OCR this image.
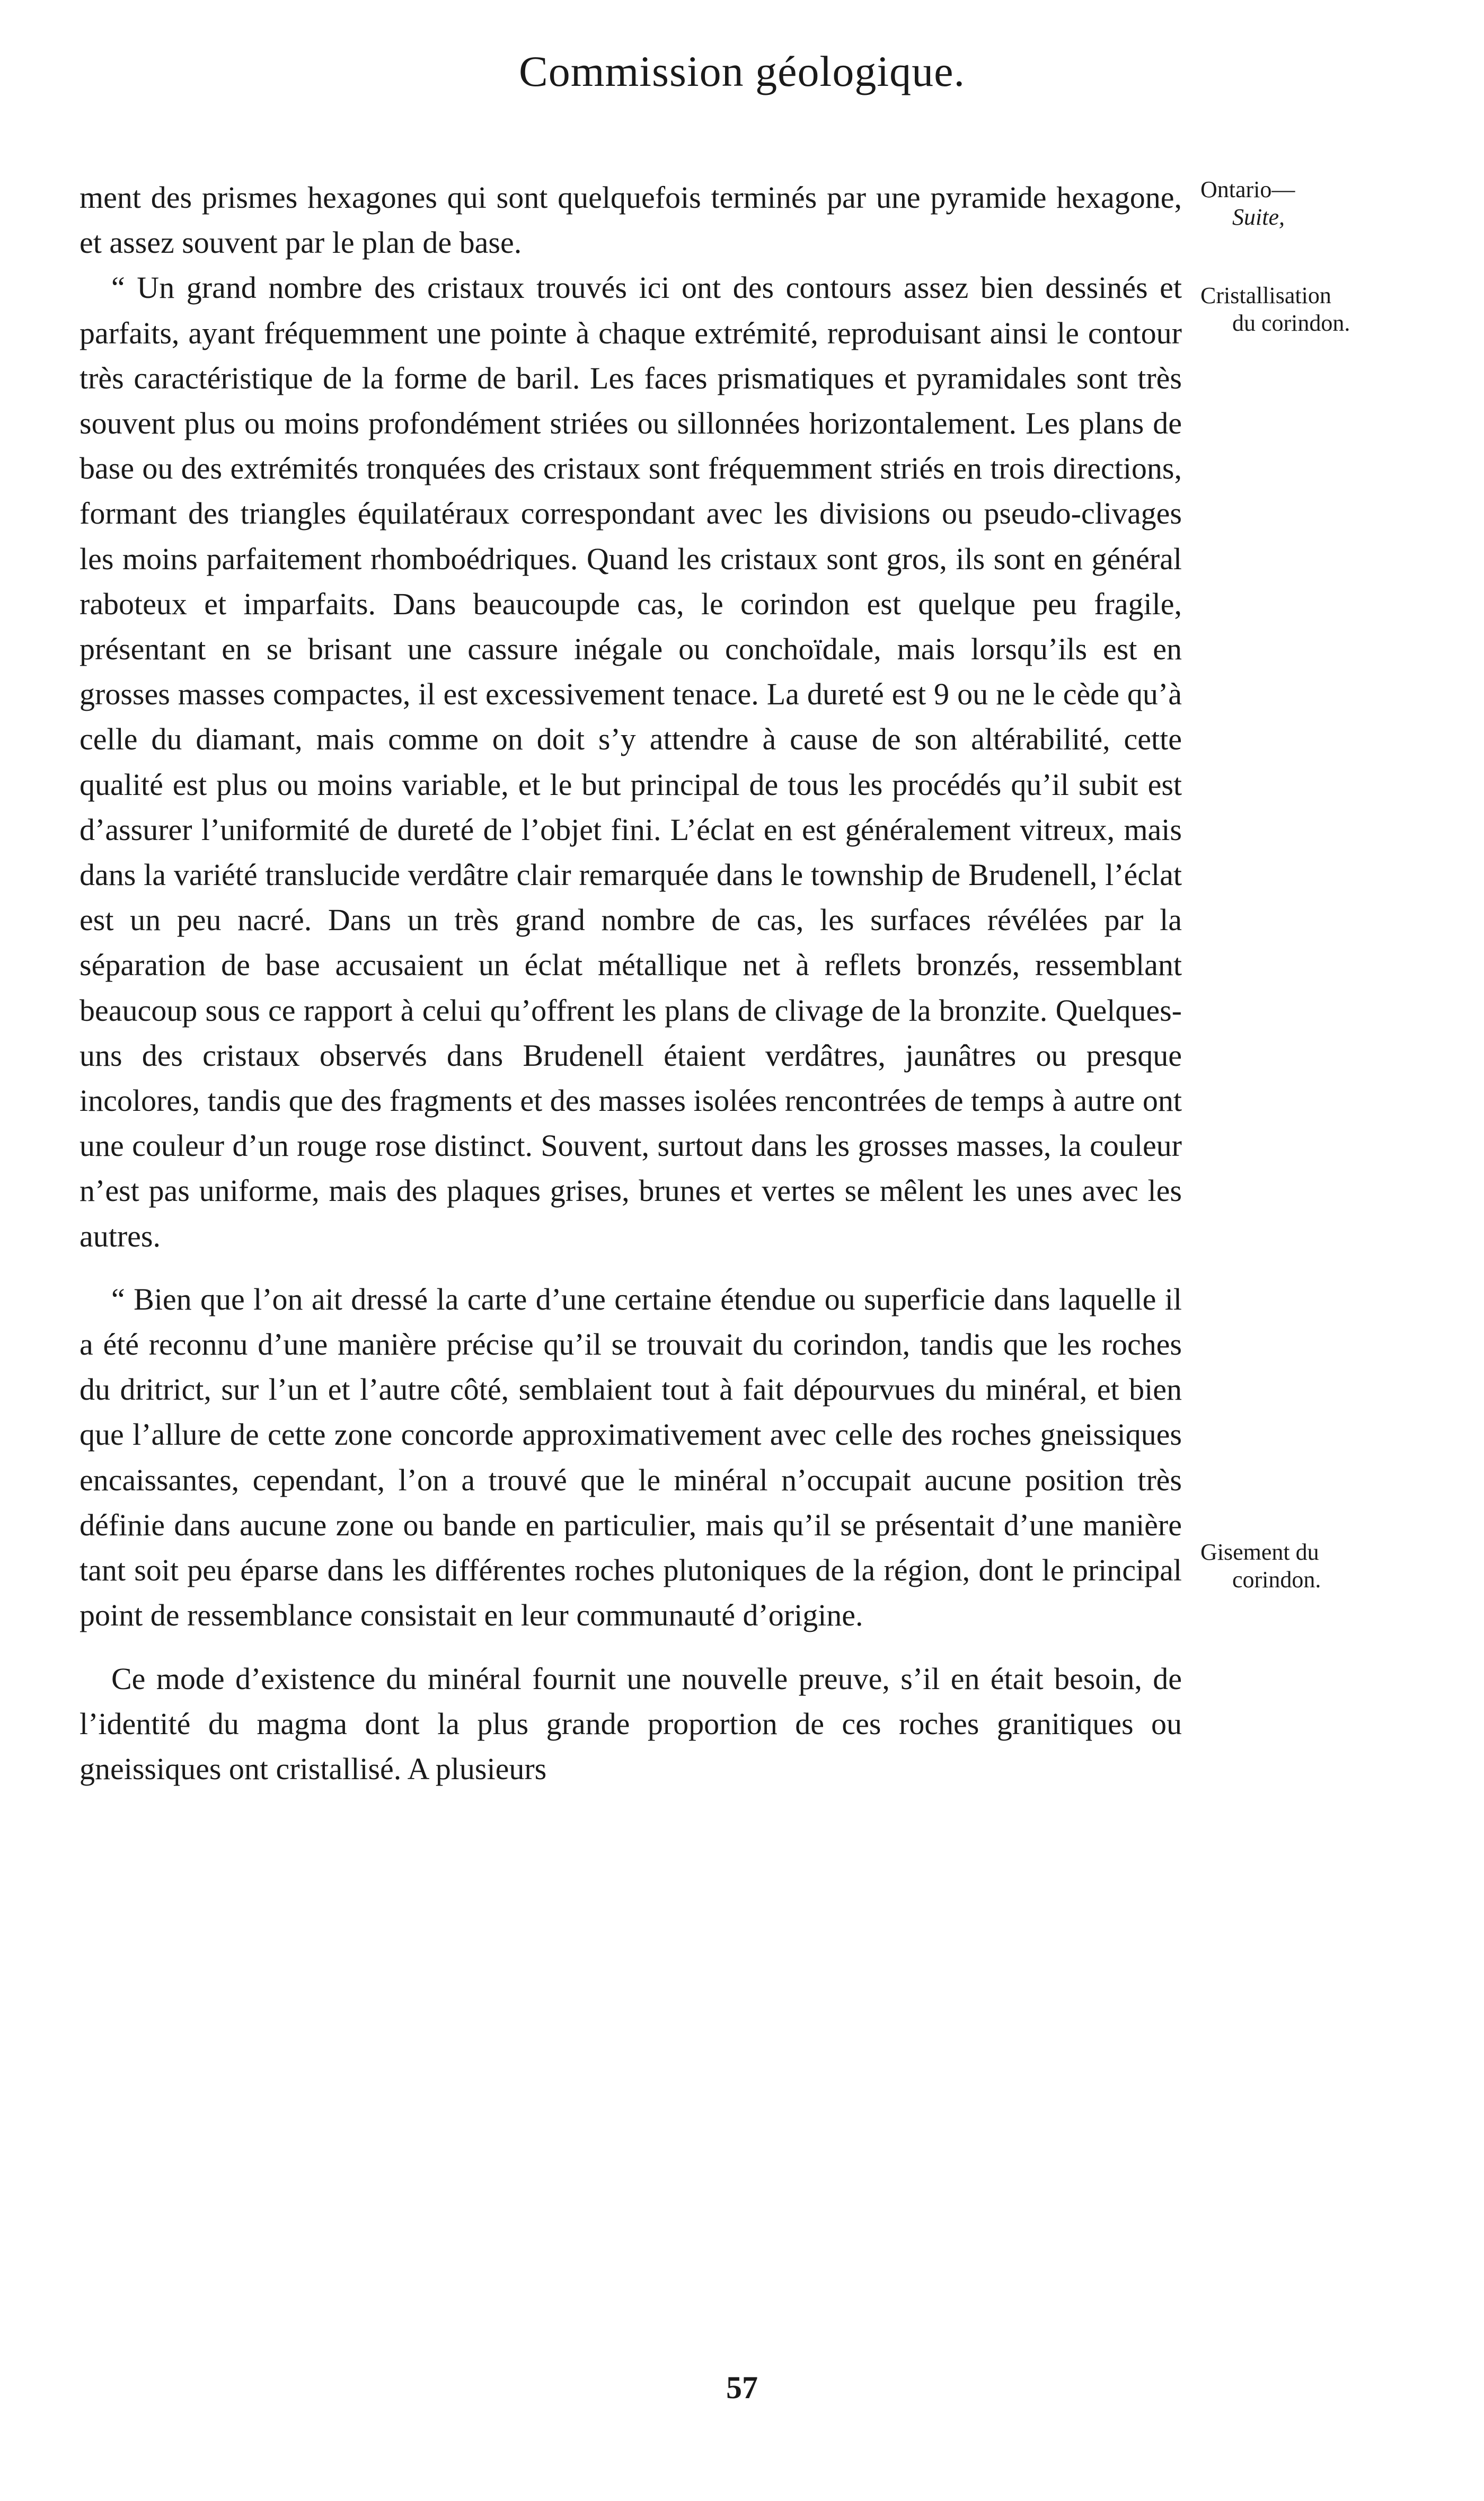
Commission géologique.
Ontario—
Suite,
Cristallisation
du corindon.
Gisement du
corindon.

ment des prismes hexagones qui sont quelquefois terminés par une pyramide hexagone, et assez souvent par le plan de base.

“ Un grand nombre des cristaux trouvés ici ont des contours assez bien dessinés et parfaits, ayant fréquemment une pointe à chaque extrémité, reproduisant ainsi le contour très caractéristique de la forme de baril. Les faces prismatiques et pyramidales sont très souvent plus ou moins profondément striées ou sillonnées horizontalement. Les plans de base ou des extrémités tronquées des cristaux sont fréquemment striés en trois directions, formant des triangles équilatéraux correspondant avec les divisions ou pseudo-clivages les moins parfaitement rhomboédriques. Quand les cristaux sont gros, ils sont en général raboteux et imparfaits. Dans beaucoupde cas, le corindon est quelque peu fragile, présentant en se brisant une cassure inégale ou conchoïdale, mais lorsqu’ils est en grosses masses compactes, il est excessivement tenace. La dureté est 9 ou ne le cède qu’à celle du diamant, mais comme on doit s’y attendre à cause de son altérabilité, cette qualité est plus ou moins variable, et le but principal de tous les procédés qu’il subit est d’assurer l’uniformité de dureté de l’objet fini. L’éclat en est généralement vitreux, mais dans la variété translucide verdâtre clair remarquée dans le township de Brudenell, l’éclat est un peu nacré. Dans un très grand nombre de cas, les surfaces révélées par la séparation de base accusaient un éclat métallique net à reflets bronzés, ressemblant beaucoup sous ce rapport à celui qu’offrent les plans de clivage de la bronzite. Quelques-uns des cristaux observés dans Brudenell étaient verdâtres, jaunâtres ou presque incolores, tandis que des fragments et des masses isolées rencontrées de temps à autre ont une couleur d’un rouge rose distinct. Souvent, surtout dans les grosses masses, la couleur n’est pas uniforme, mais des plaques grises, brunes et vertes se mêlent les unes avec les autres.

“ Bien que l’on ait dressé la carte d’une certaine étendue ou superficie dans laquelle il a été reconnu d’une manière précise qu’il se trouvait du corindon, tandis que les roches du dritrict, sur l’un et l’autre côté, semblaient tout à fait dépourvues du minéral, et bien que l’allure de cette zone concorde approximativement avec celle des roches gneissiques encaissantes, cependant, l’on a trouvé que le minéral n’occupait aucune position très définie dans aucune zone ou bande en particulier, mais qu’il se présentait d’une manière tant soit peu éparse dans les différentes roches plutoniques de la région, dont le principal point de ressemblance consistait en leur communauté d’origine.

Ce mode d’existence du minéral fournit une nouvelle preuve, s’il en était besoin, de l’identité du magma dont la plus grande proportion de ces roches granitiques ou gneissiques ont cristallisé. A plusieurs

57
